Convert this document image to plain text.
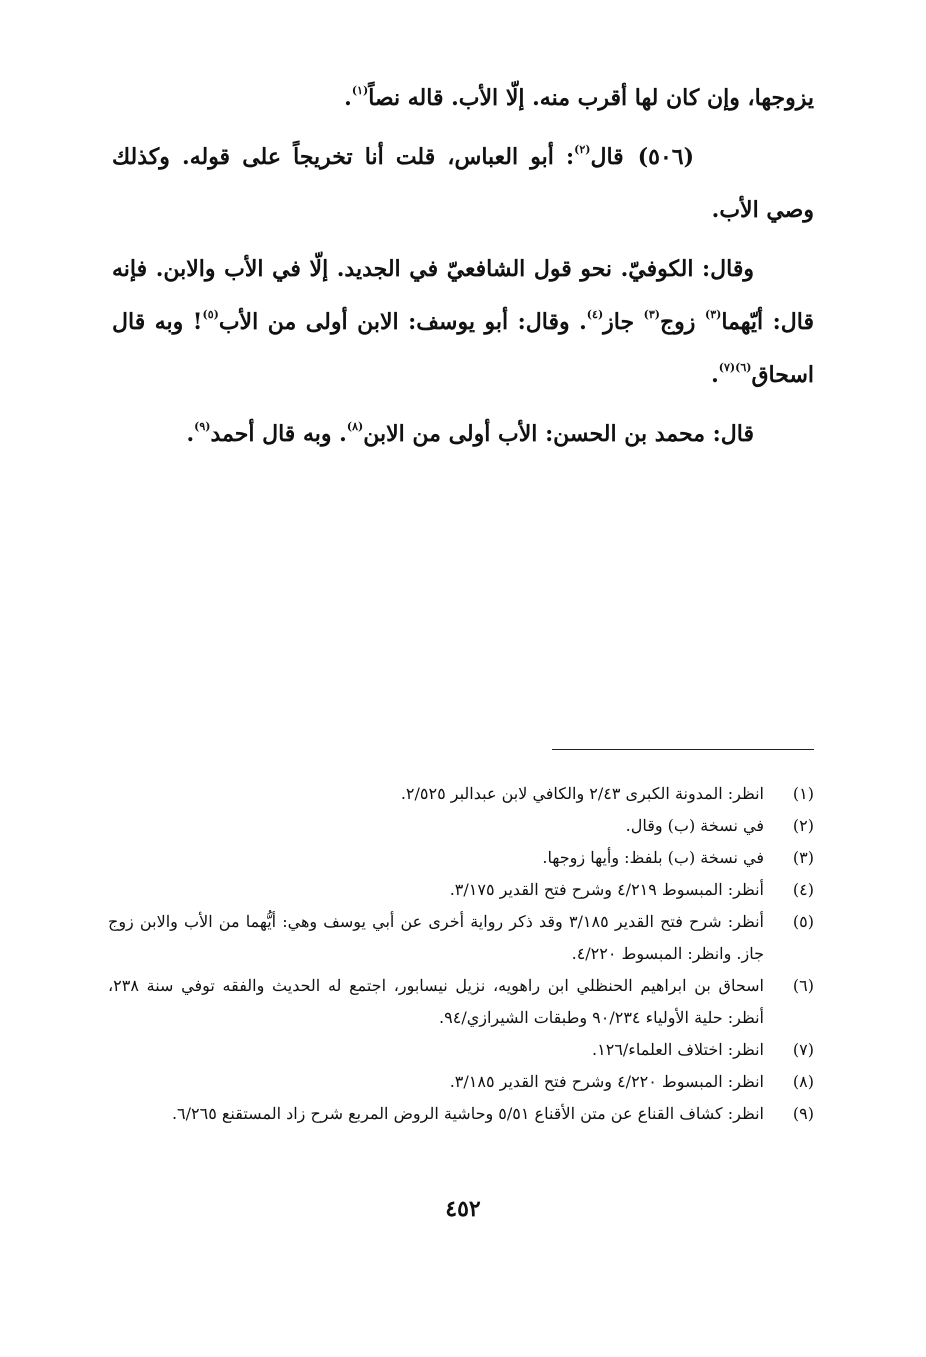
يزوجها، وإن كان لها أقرب منه. إلّا الأب. قاله نصاً$^{(١)}$.

(٥٠٦)قال$^{(٢)}$: أبو العباس، قلت أنا تخريجاً على قوله. وكذلك وصي الأب.

وقال: الكوفيّ. نحو قول الشافعيّ في الجديد. إلّا في الأب والابن. فإنه قال: أيّهما$^{(٣)}$ زوج$^{(٣)}$ جاز$^{(٤)}$. وقال: أبو يوسف: الابن أولى من الأب$^{(٥)}$! وبه قال اسحاق$^{(٦)(٧)}$.

قال: محمد بن الحسن: الأب أولى من الابن$^{(٨)}$. وبه قال أحمد$^{(٩)}$.

(١)
انظر: المدونة الكبرى ٢/٤٣ والكافي لابن عبدالبر ٢/٥٢٥.
(٢)
في نسخة (ب) وقال.
(٣)
في نسخة (ب) بلفظ: وأيها زوجها.
(٤)
أنظر: المبسوط ٤/٢١٩ وشرح فتح القدير ٣/١٧٥.
(٥)
أنظر: شرح فتح القدير ٣/١٨٥ وقد ذكر رواية أخرى عن أبي يوسف وهي: أيُّهما من الأب والابن زوج جاز. وانظر: المبسوط ٤/٢٢٠.
(٦)
اسحاق بن ابراهيم الحنظلي ابن راهويه، نزيل نيسابور، اجتمع له الحديث والفقه توفي سنة ٢٣٨، أنظر: حلية الأولياء ٩٠/٢٣٤ وطبقات الشيرازي/٩٤.
(٧)
انظر: اختلاف العلماء/١٢٦.
(٨)
انظر: المبسوط ٤/٢٢٠ وشرح فتح القدير ٣/١٨٥.
(٩)
انظر: كشاف القناع عن متن الأقناع ٥/٥١ وحاشية الروض المربع شرح زاد المستقنع ٦/٢٦٥.
٤٥٢
